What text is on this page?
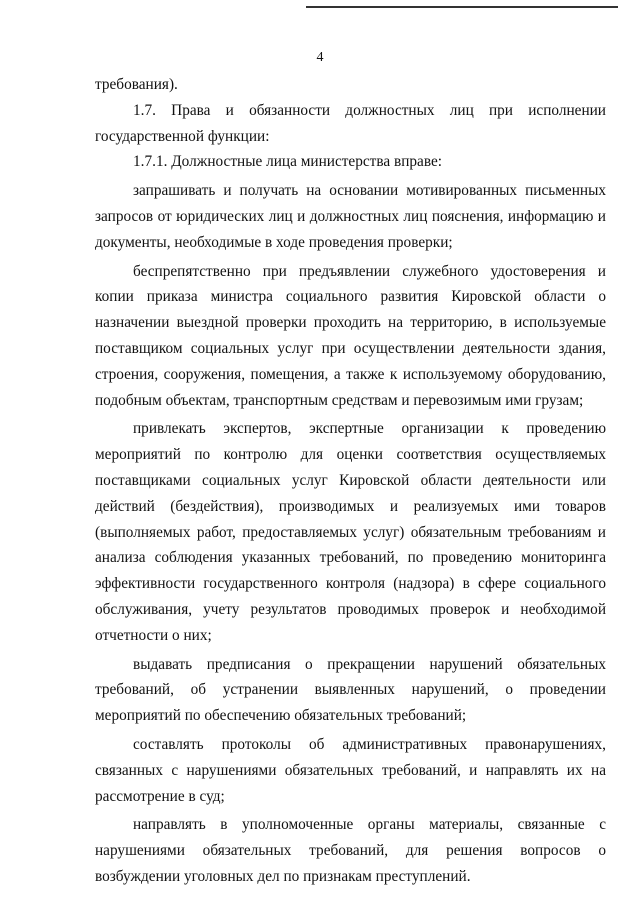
4

требования).

1.7. Права и обязанности должностных лиц при исполнении государственной функции:

1.7.1. Должностные лица министерства вправе:

запрашивать и получать на основании мотивированных письменных запросов от юридических лиц и должностных лиц пояснения, информацию и документы, необходимые в ходе проведения проверки;

беспрепятственно при предъявлении служебного удостоверения и копии приказа министра социального развития Кировской области о назначении выездной проверки проходить на территорию, в используемые поставщиком социальных услуг при осуществлении деятельности здания, строения, сооружения, помещения, а также к используемому оборудованию, подобным объектам, транспортным средствам и перевозимым ими грузам;

привлекать экспертов, экспертные организации к проведению мероприятий по контролю для оценки соответствия осуществляемых поставщиками социальных услуг Кировской области деятельности или действий (бездействия), производимых и реализуемых ими товаров (выполняемых работ, предоставляемых услуг) обязательным требованиям и анализа соблюдения указанных требований, по проведению мониторинга эффективности государственного контроля (надзора) в сфере социального обслуживания, учету результатов проводимых проверок и необходимой отчетности о них;

выдавать предписания о прекращении нарушений обязательных требований, об устранении выявленных нарушений, о проведении мероприятий по обеспечению обязательных требований;

составлять протоколы об административных правонарушениях, связанных с нарушениями обязательных требований, и направлять их на рассмотрение в суд;

направлять в уполномоченные органы материалы, связанные с нарушениями обязательных требований, для решения вопросов о возбуждении уголовных дел по признакам преступлений.
